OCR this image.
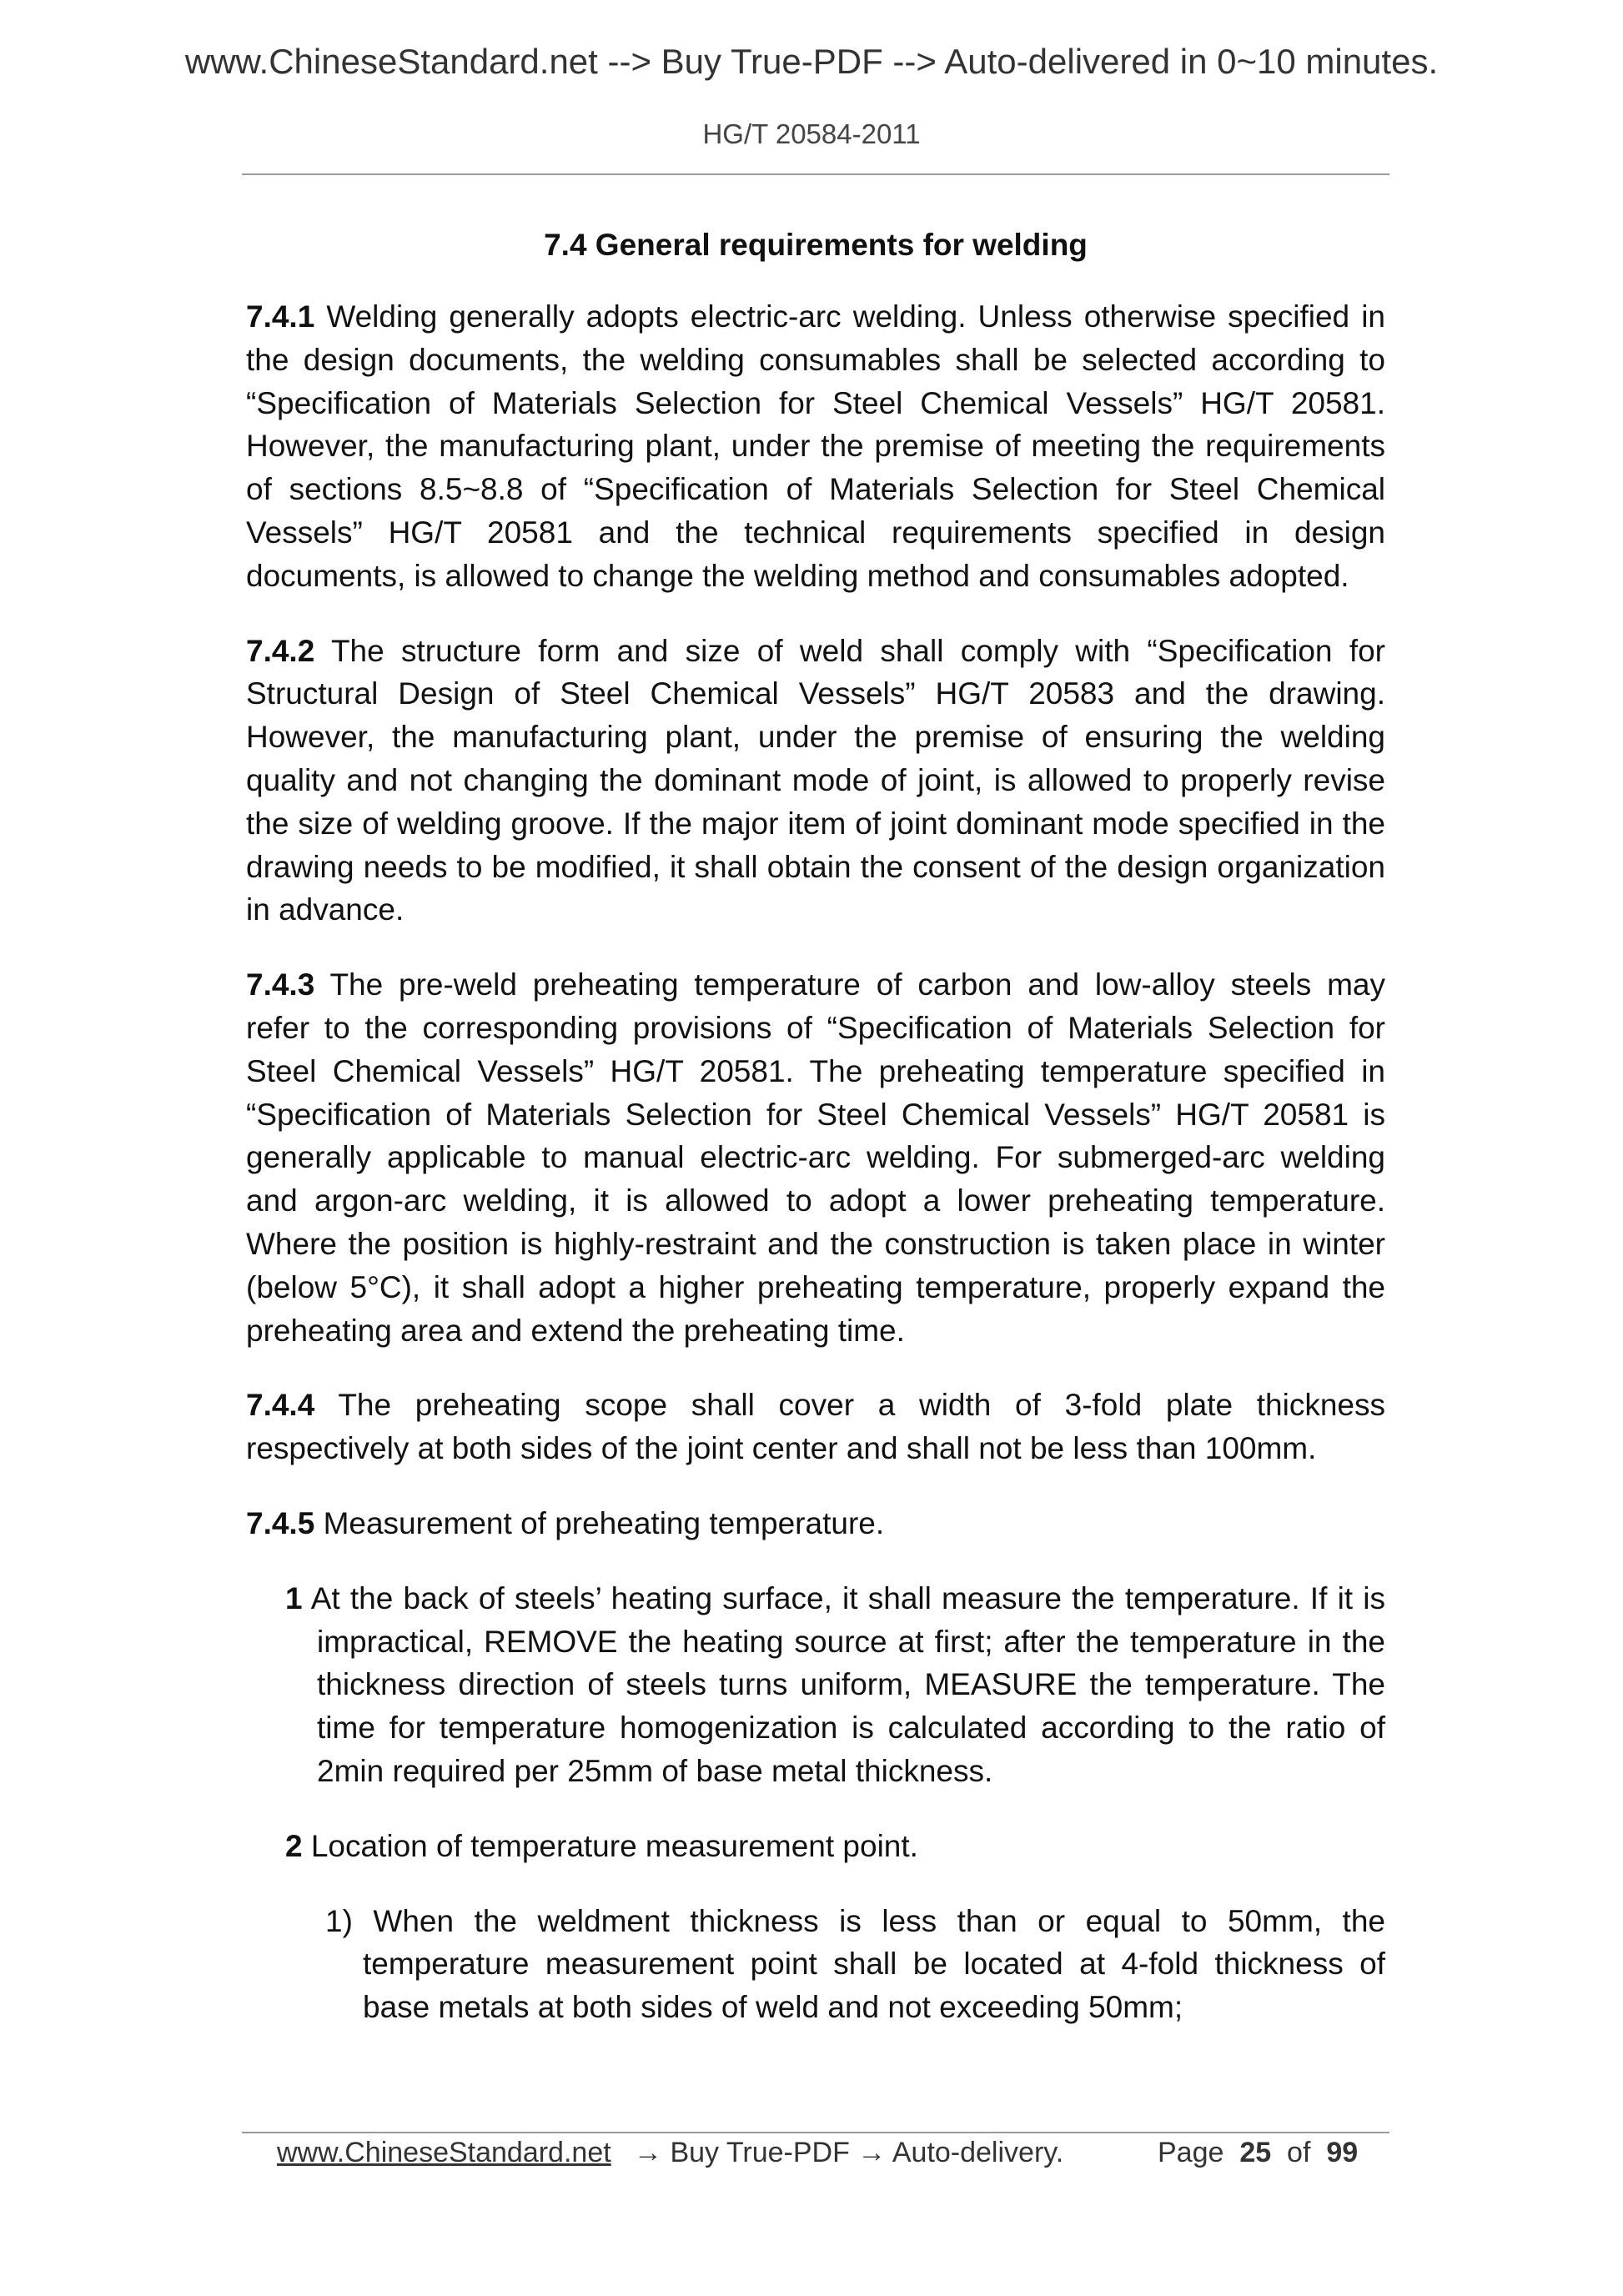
www.ChineseStandard.net --> Buy True-PDF --> Auto-delivered in 0~10 minutes.
HG/T 20584-2011
7.4 General requirements for welding

7.4.1 Welding generally adopts electric-arc welding. Unless otherwise specified in the design documents, the welding consumables shall be selected according to “Specification of Materials Selection for Steel Chemical Vessels” HG/T 20581. However, the manufacturing plant, under the premise of meeting the requirements of sections 8.5~8.8 of “Specification of Materials Selection for Steel Chemical Vessels” HG/T 20581 and the technical requirements specified in design documents, is allowed to change the welding method and consumables adopted.

7.4.2 The structure form and size of weld shall comply with “Specification for Structural Design of Steel Chemical Vessels” HG/T 20583 and the drawing. However, the manufacturing plant, under the premise of ensuring the welding quality and not changing the dominant mode of joint, is allowed to properly revise the size of welding groove. If the major item of joint dominant mode specified in the drawing needs to be modified, it shall obtain the consent of the design organization in advance.

7.4.3 The pre-weld preheating temperature of carbon and low-alloy steels may refer to the corresponding provisions of “Specification of Materials Selection for Steel Chemical Vessels” HG/T 20581. The preheating temperature specified in “Specification of Materials Selection for Steel Chemical Vessels” HG/T 20581 is generally applicable to manual electric-arc welding. For submerged-arc welding and argon-arc welding, it is allowed to adopt a lower preheating temperature. Where the position is highly-restraint and the construction is taken place in winter (below 5°C), it shall adopt a higher preheating temperature, properly expand the preheating area and extend the preheating time.

7.4.4 The preheating scope shall cover a width of 3-fold plate thickness respectively at both sides of the joint center and shall not be less than 100mm.

7.4.5 Measurement of preheating temperature.

1 At the back of steels’ heating surface, it shall measure the temperature. If it is impractical, REMOVE the heating source at first; after the temperature in the thickness direction of steels turns uniform, MEASURE the temperature. The time for temperature homogenization is calculated according to the ratio of 2min required per 25mm of base metal thickness.

2 Location of temperature measurement point.

1) When the weldment thickness is less than or equal to 50mm, the temperature measurement point shall be located at 4-fold thickness of base metals at both sides of weld and not exceeding 50mm;

www.ChineseStandard.net → Buy True-PDF → Auto-delivery.	Page 25 of 99
